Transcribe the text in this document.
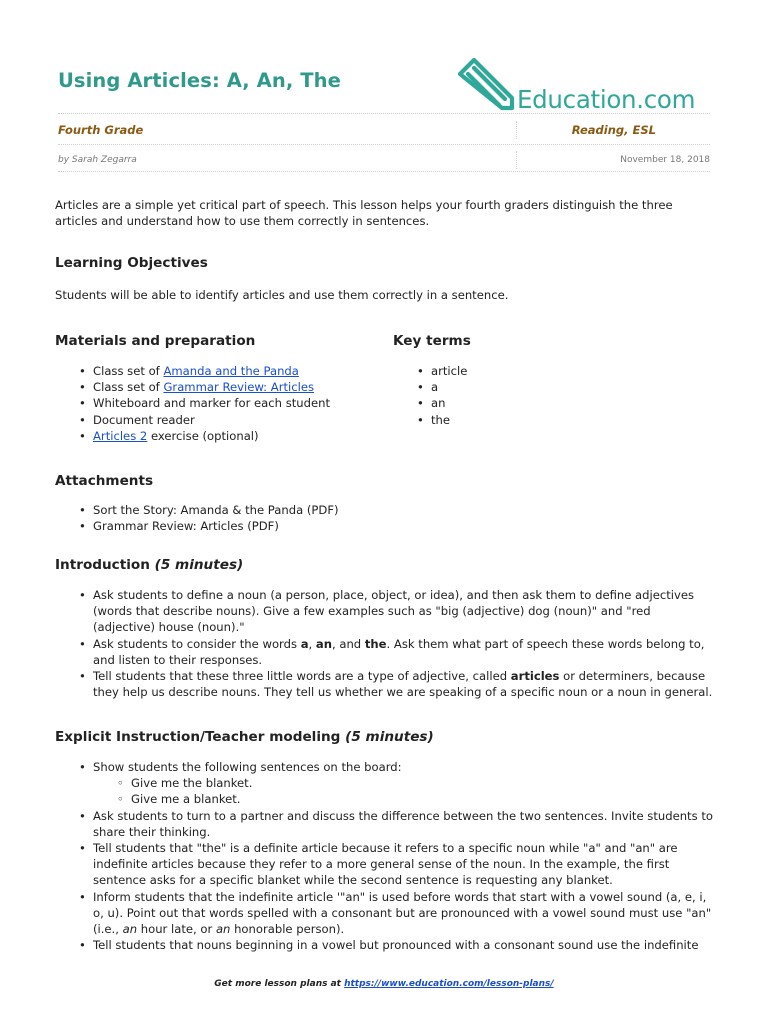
Using Articles: A, An, The
Education.com
Fourth Grade	Reading, ESL
by Sarah Zegarra	November 18, 2018
Articles are a simple yet critical part of speech. This lesson helps your fourth graders distinguish the three articles and understand how to use them correctly in sentences.
Learning Objectives
Students will be able to identify articles and use them correctly in a sentence.
Materials and preparation
• Class set of Amanda and the Panda
• Class set of Grammar Review: Articles
• Whiteboard and marker for each student
• Document reader
• Articles 2 exercise (optional)
Key terms
• article
• a
• an
• the
Attachments
• Sort the Story: Amanda & the Panda (PDF)
• Grammar Review: Articles (PDF)
Introduction (5 minutes)
• Ask students to define a noun (a person, place, object, or idea), and then ask them to define adjectives (words that describe nouns). Give a few examples such as "big (adjective) dog (noun)" and "red (adjective) house (noun)."
• Ask students to consider the words a, an, and the. Ask them what part of speech these words belong to, and listen to their responses.
• Tell students that these three little words are a type of adjective, called articles or determiners, because they help us describe nouns. They tell us whether we are speaking of a specific noun or a noun in general.
Explicit Instruction/Teacher modeling (5 minutes)
• Show students the following sentences on the board:
◦ Give me the blanket.
◦ Give me a blanket.
• Ask students to turn to a partner and discuss the difference between the two sentences. Invite students to share their thinking.
• Tell students that "the" is a definite article because it refers to a specific noun while "a" and "an" are indefinite articles because they refer to a more general sense of the noun. In the example, the first sentence asks for a specific blanket while the second sentence is requesting any blanket.
• Inform students that the indefinite article '"an" is used before words that start with a vowel sound (a, e, i, o, u). Point out that words spelled with a consonant but are pronounced with a vowel sound must use "an" (i.e., an hour late, or an honorable person).
• Tell students that nouns beginning in a vowel but pronounced with a consonant sound use the indefinite
Get more lesson plans at https://www.education.com/lesson-plans/
